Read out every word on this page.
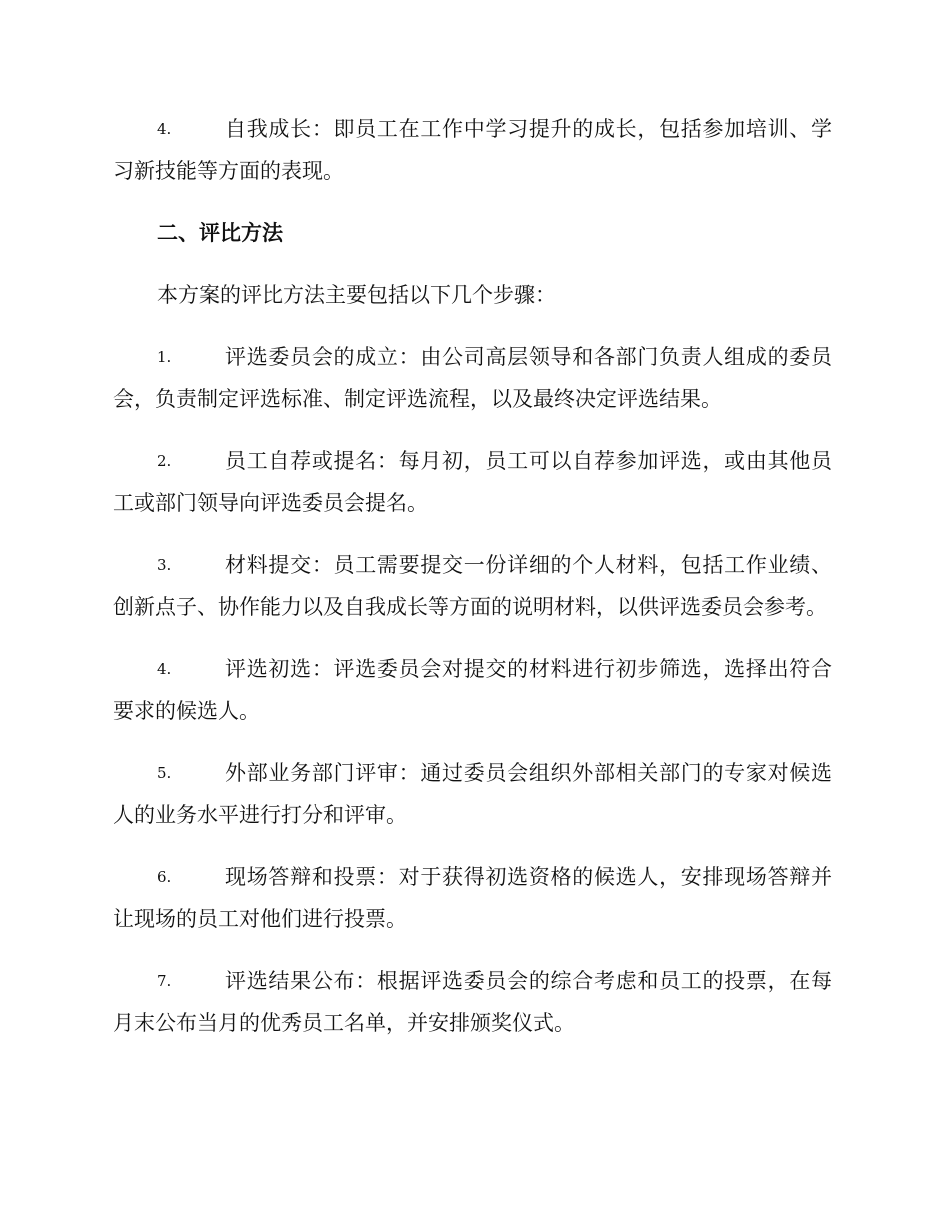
4.	自我成长：即员工在工作中学习提升的成长，包括参加培训、学习新技能等方面的表现。
二、评比方法
本方案的评比方法主要包括以下几个步骤：
1.	评选委员会的成立：由公司高层领导和各部门负责人组成的委员会，负责制定评选标准、制定评选流程，以及最终决定评选结果。
2.	员工自荐或提名：每月初，员工可以自荐参加评选，或由其他员工或部门领导向评选委员会提名。
3.	材料提交：员工需要提交一份详细的个人材料，包括工作业绩、创新点子、协作能力以及自我成长等方面的说明材料，以供评选委员会参考。
4.	评选初选：评选委员会对提交的材料进行初步筛选，选择出符合要求的候选人。
5.	外部业务部门评审：通过委员会组织外部相关部门的专家对候选人的业务水平进行打分和评审。
6.	现场答辩和投票：对于获得初选资格的候选人，安排现场答辩并让现场的员工对他们进行投票。
7.	评选结果公布：根据评选委员会的综合考虑和员工的投票，在每月末公布当月的优秀员工名单，并安排颁奖仪式。
